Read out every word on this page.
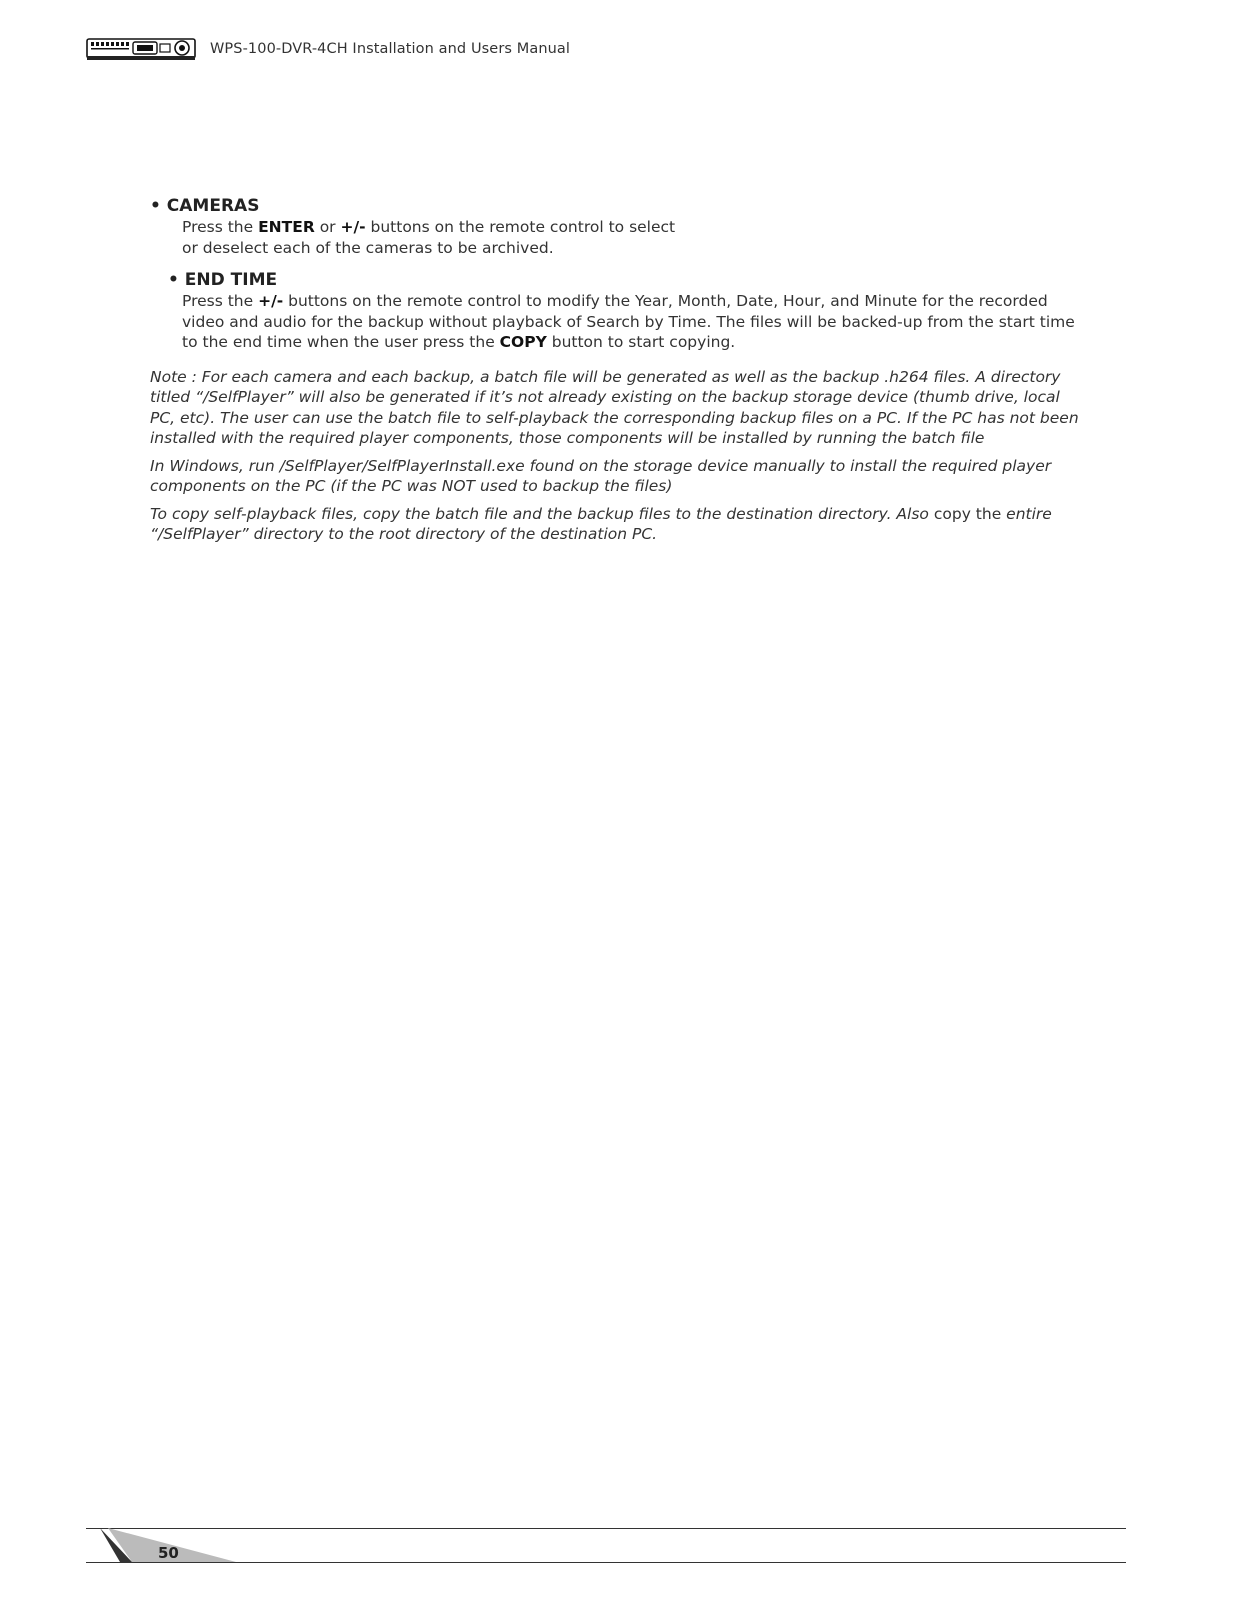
WPS-100-DVR-4CH Installation and Users Manual
• CAMERAS
Press the ENTER or +/- buttons on the remote control to select
or deselect each of the cameras to be archived.
• END TIME
Press the +/- buttons on the remote control to modify the Year, Month, Date, Hour, and Minute for the recorded video and audio for the backup without playback of Search by Time. The files will be backed-up from the start time to the end time when the user press the COPY button to start copying.
Note : For each camera and each backup, a batch file will be generated as well as the backup .h264 files. A directory titled “/SelfPlayer” will also be generated if it’s not already existing on the backup storage device (thumb drive, local PC, etc). The user can use the batch file to self-playback the corresponding backup files on a PC. If the PC has not been installed with the required player components, those components will be installed by running the batch file
In Windows, run /SelfPlayer/SelfPlayerInstall.exe found on the storage device manually to install the required player components on the PC (if the PC was NOT used to backup the files)
To copy self-playback files, copy the batch file and the backup files to the destination directory. Also copy the entire “/SelfPlayer” directory to the root directory of the destination PC.
50
